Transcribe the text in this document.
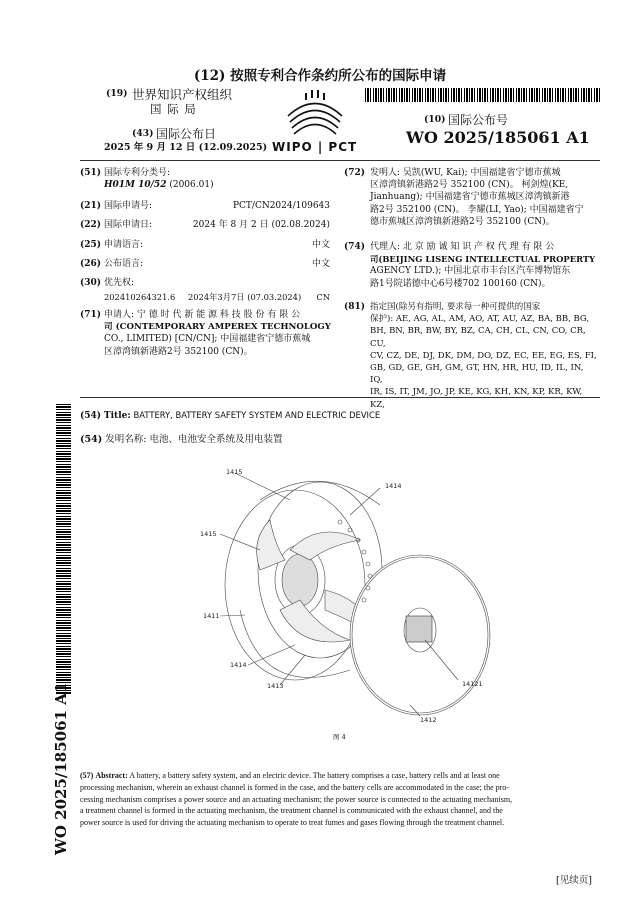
(12) 按照专利合作条约所公布的国际申请
(19) 世界知识产权组织
国 际 局
(43) 国际公布日
2025 年 9 月 12 日 (12.09.2025) WIPO | PCT
(10) 国际公布号
WO 2025/185061 A1
(51) 国际专利分类号:
H01M 10/52 (2006.01)
(21) 国际申请号:	PCT/CN2024/109643
(22) 国际申请日:	2024 年 8 月 2 日 (02.08.2024)
(25) 申请语言:	中文
(26) 公布语言:	中文
(30) 优先权:
202410264321.6 2024年3月7日 (07.03.2024) CN
(71) 申请人: 宁 德 时 代 新 能 源 科 技 股 份 有 限 公
司 (CONTEMPORARY AMPEREX TECHNOLOGY
CO., LIMITED) [CN/CN]; 中国福建省宁德市蕉城
区漳湾镇新港路2号 352100 (CN)。
(72) 发明人: 吴凯(WU, Kai); 中国福建省宁德市蕉城
区漳湾镇新港路2号 352100 (CN)。 柯剑煌(KE,
Jianhuang); 中国福建省宁德市蕉城区漳湾镇新港
路2号 352100 (CN)。 李耀(LI, Yao); 中国福建省宁
德市蕉城区漳湾镇新港路2号 352100 (CN)。
(74) 代理人: 北 京 励 诚 知 识 产 权 代 理 有 限 公
司(BEIJING LISENG INTELLECTUAL PROPERTY
AGENCY LTD.); 中国北京市丰台区汽车博物馆东
路1号院诺德中心6号楼702 100160 (CN)。
(81) 指定国(除另有指明, 要求每一种可提供的国家
保护): AE, AG, AL, AM, AO, AT, AU, AZ, BA, BB, BG,
BH, BN, BR, BW, BY, BZ, CA, CH, CL, CN, CO, CR, CU,
CV, CZ, DE, DJ, DK, DM, DO, DZ, EC, EE, EG, ES, FI,
GB, GD, GE, GH, GM, GT, HN, HR, HU, ID, IL, IN, IQ,
IR, IS, IT, JM, JO, JP, KE, KG, KH, KN, KP, KR, KW, KZ,
WO 2025/185061 A1
(54) Title: BATTERY, BATTERY SAFETY SYSTEM AND ELECTRIC DEVICE
(54) 发明名称: 电池、电池安全系统及用电装置
1415
1414
1415
1411
1414
1413	14121
1412
图 4
(57) Abstract: A battery, a battery safety system, and an electric device. The battery comprises a case, battery cells and at least one
processing mechanism, wherein an exhaust channel is formed in the case, and the battery cells are accommodated in the case; the pro-
cessing mechanism comprises a power source and an actuating mechanism; the power source is connected to the actuating mechanism,
a treatment channel is formed in the actuating mechanism, the treatment channel is communicated with the exhaust channel, and the
power source is used for driving the actuating mechanism to operate to treat fumes and gases flowing through the treatment channel.
[见续页]
